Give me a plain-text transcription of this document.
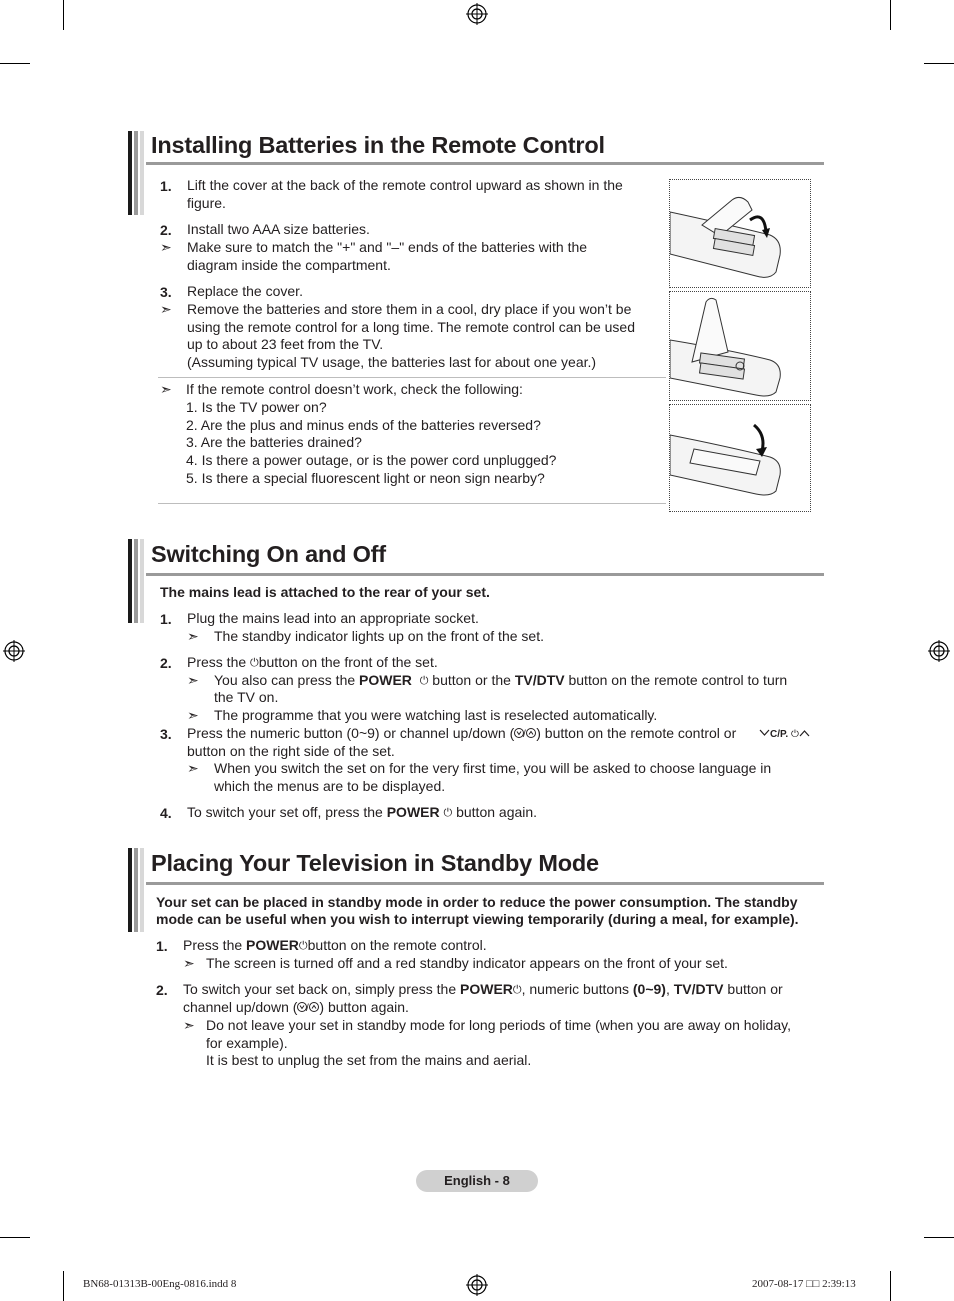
Installing Batteries in the Remote Control
1. Lift the cover at the back of the remote control upward as shown in the
figure.
2. Install two AAA size batteries.
➣ Make sure to match the "+" and "–" ends of the batteries with the
diagram inside the compartment.
3. Replace the cover.
➣ Remove the batteries and store them in a cool, dry place if you won’t be
using the remote control for a long time. The remote control can be used
up to about 23 feet from the TV.
(Assuming typical TV usage, the batteries last for about one year.)
➣ If the remote control doesn’t work, check the following:
1. Is the TV power on?
2. Are the plus and minus ends of the batteries reversed?
3. Are the batteries drained?
4. Is there a power outage, or is the power cord unplugged?
5. Is there a special fluorescent light or neon sign nearby?
Switching On and Off
The mains lead is attached to the rear of your set.
1. Plug the mains lead into an appropriate socket.
➣ The standby indicator lights up on the front of the set.
2. Press the ⏻button on the front of the set.
➣ You also can press the POWER ⏻ button or the TV/DTV button on the remote control to turn
the TV on.
➣ The programme that you were watching last is reselected automatically.
3. Press the numeric button (0~9) or channel up/down ( / ) button on the remote control or	C/P. ⏻
button on the right side of the set.
➣ When you switch the set on for the very first time, you will be asked to choose language in
which the menus are to be displayed.
4. To switch your set off, press the POWER ⏻ button again.
Placing Your Television in Standby Mode
Your set can be placed in standby mode in order to reduce the power consumption. The standby
mode can be useful when you wish to interrupt viewing temporarily (during a meal, for example).
1. Press the POWER⏻button on the remote control.
➣ The screen is turned off and a red standby indicator appears on the front of your set.
2. To switch your set back on, simply press the POWER⏻, numeric buttons (0~9), TV/DTV button or
channel up/down ( / ) button again.
➣ Do not leave your set in standby mode for long periods of time (when you are away on holiday,
for example).
It is best to unplug the set from the mains and aerial.
English - 8
BN68-01313B-00Eng-0816.indd 8	2007-08-17 □□ 2:39:13
